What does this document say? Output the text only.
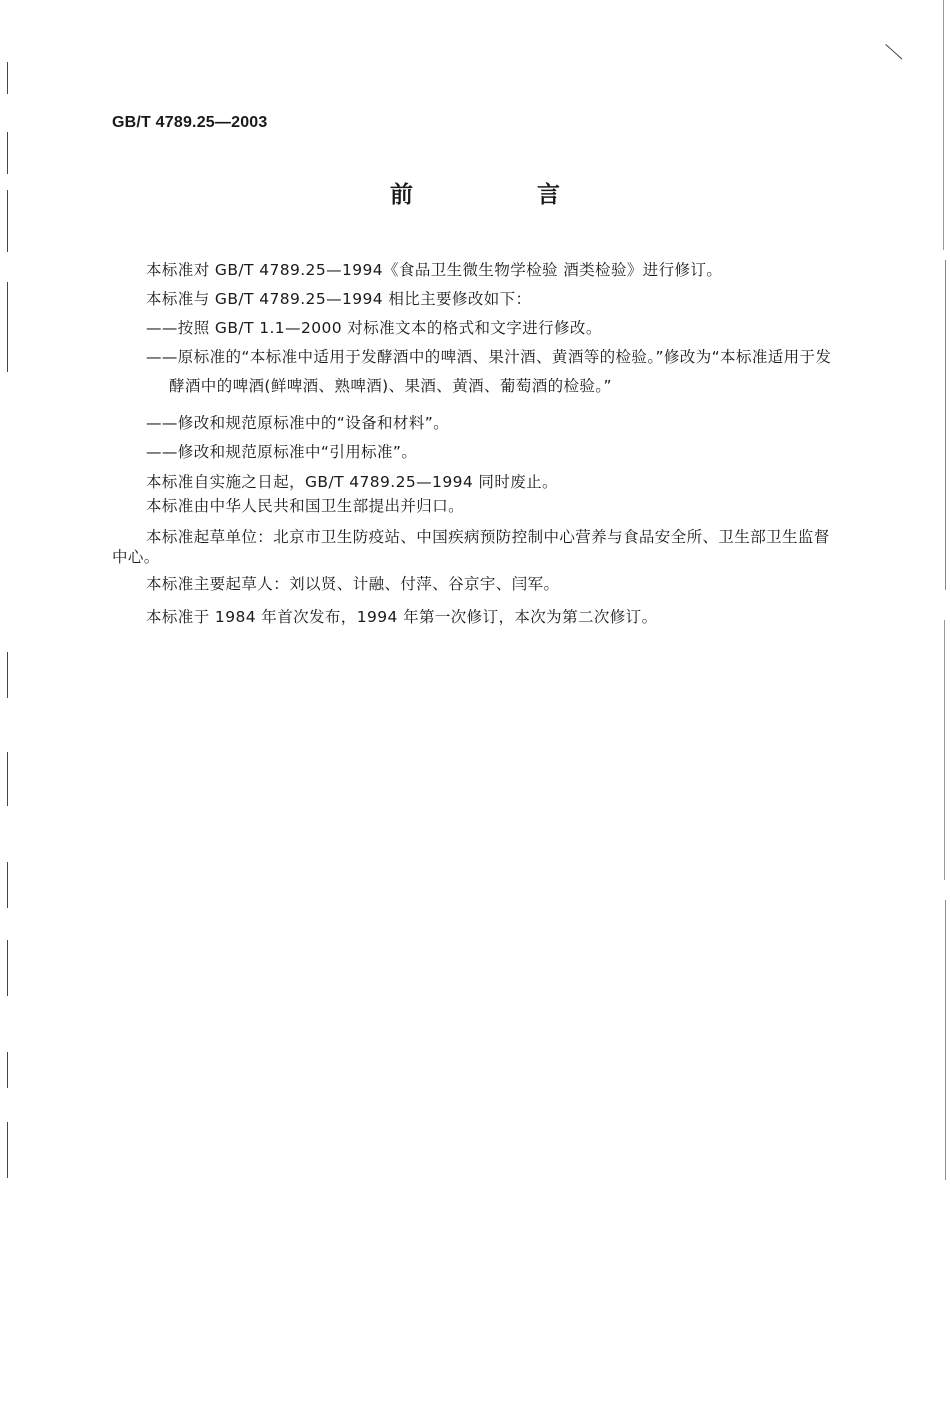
GB/T 4789.25—2003
前 言
本标准对 GB/T 4789.25—1994《食品卫生微生物学检验 酒类检验》进行修订。
本标准与 GB/T 4789.25—1994 相比主要修改如下：
——按照 GB/T 1.1—2000 对标准文本的格式和文字进行修改。
——原标准的“本标准中适用于发酵酒中的啤酒、果汁酒、黄酒等的检验。”修改为“本标准适用于发
酵酒中的啤酒(鲜啤酒、熟啤酒)、果酒、黄酒、葡萄酒的检验。”
——修改和规范原标准中的“设备和材料”。
——修改和规范原标准中“引用标准”。
本标准自实施之日起，GB/T 4789.25—1994 同时废止。
本标准由中华人民共和国卫生部提出并归口。
本标准起草单位：北京市卫生防疫站、中国疾病预防控制中心营养与食品安全所、卫生部卫生监督
中心。
本标准主要起草人：刘以贤、计融、付萍、谷京宇、闫军。
本标准于 1984 年首次发布，1994 年第一次修订，本次为第二次修订。
